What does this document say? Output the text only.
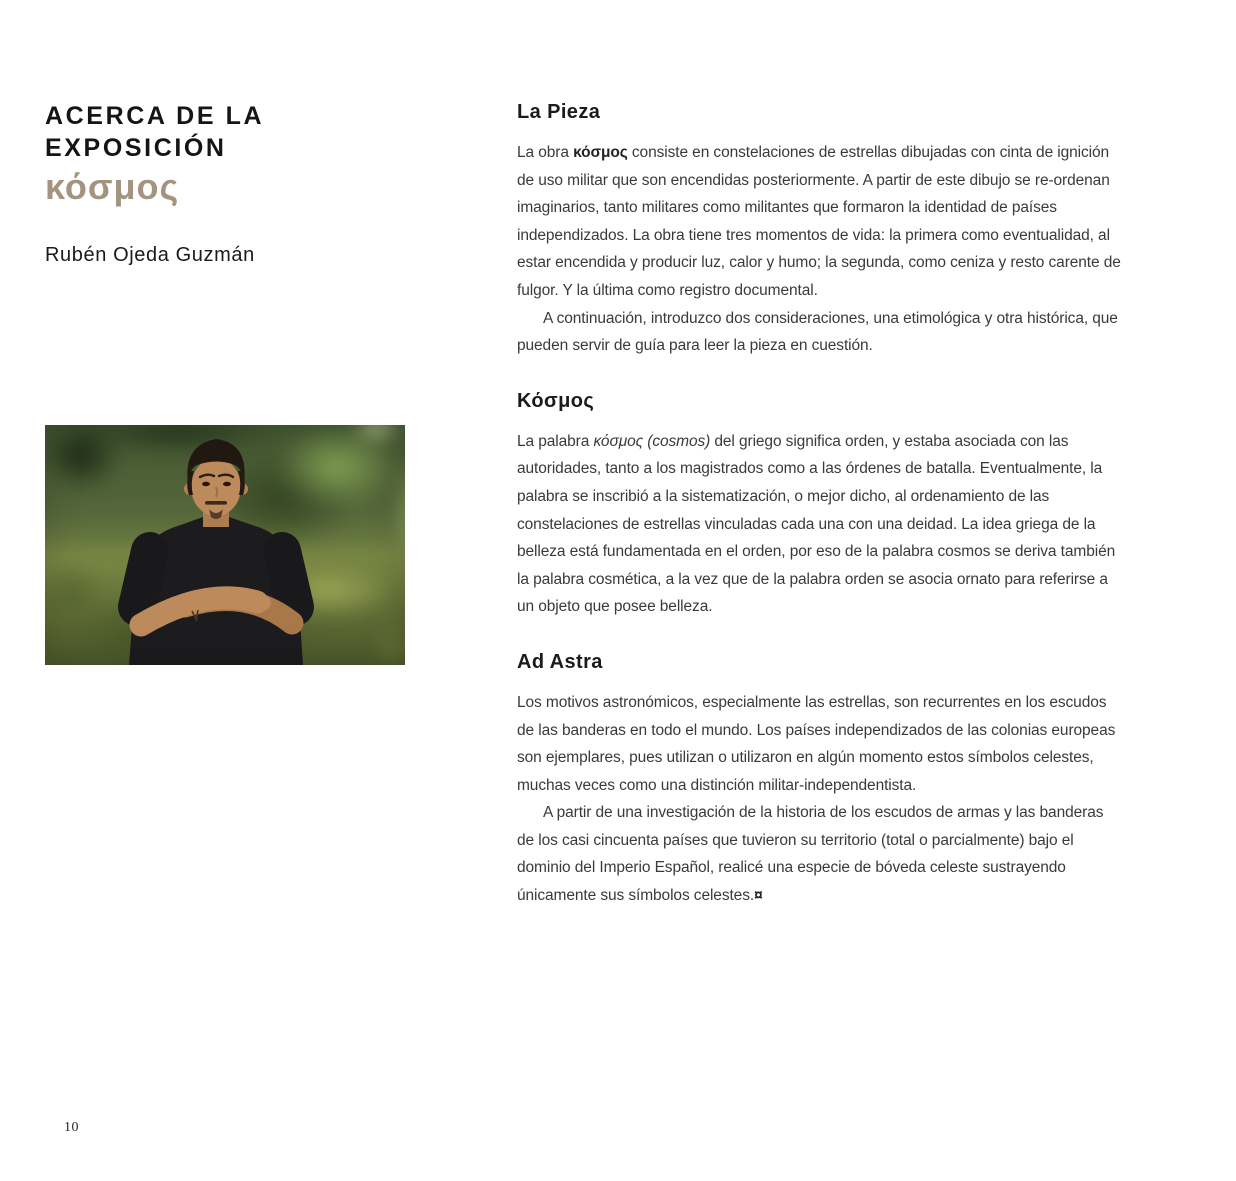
ACERCA DE LA EXPOSICIÓN
κόσμος

Rubén Ojeda Guzmán

La Pieza

La obra κόσμος consiste en constelaciones de estrellas dibujadas con cinta de ignición de uso militar que son encendidas posteriormente. A partir de este dibujo se re-ordenan imaginarios, tanto militares como militantes que formaron la identidad de países independizados. La obra tiene tres momentos de vida: la primera como eventualidad, al estar encendida y producir luz, calor y humo; la segunda, como ceniza y resto carente de fulgor. Y la última como registro documental.

A continuación, introduzco dos consideraciones, una etimológica y otra histórica, que pueden servir de guía para leer la pieza en cuestión.

Κόσμος

La palabra κόσμος (cosmos) del griego significa orden, y estaba asociada con las autoridades, tanto a los magistrados como a las órdenes de batalla. Eventualmente, la palabra se inscribió a la sistematización, o mejor dicho, al ordenamiento de las constelaciones de estrellas vinculadas cada una con una deidad. La idea griega de la belleza está fundamentada en el orden, por eso de la palabra cosmos se deriva también la palabra cosmética, a la vez que de la palabra orden se asocia ornato para referirse a un objeto que posee belleza.

Ad Astra

Los motivos astronómicos, especialmente las estrellas, son recurrentes en los escudos de las banderas en todo el mundo. Los países independizados de las colonias europeas son ejemplares, pues utilizan o utilizaron en algún momento estos símbolos celestes, muchas veces como una distinción militar-independentista.

A partir de una investigación de la historia de los escudos de armas y las banderas de los casi cincuenta países que tuvieron su territorio (total o parcialmente) bajo el dominio del Imperio Español, realicé una especie de bóveda celeste sustrayendo únicamente sus símbolos celestes.¤

10
